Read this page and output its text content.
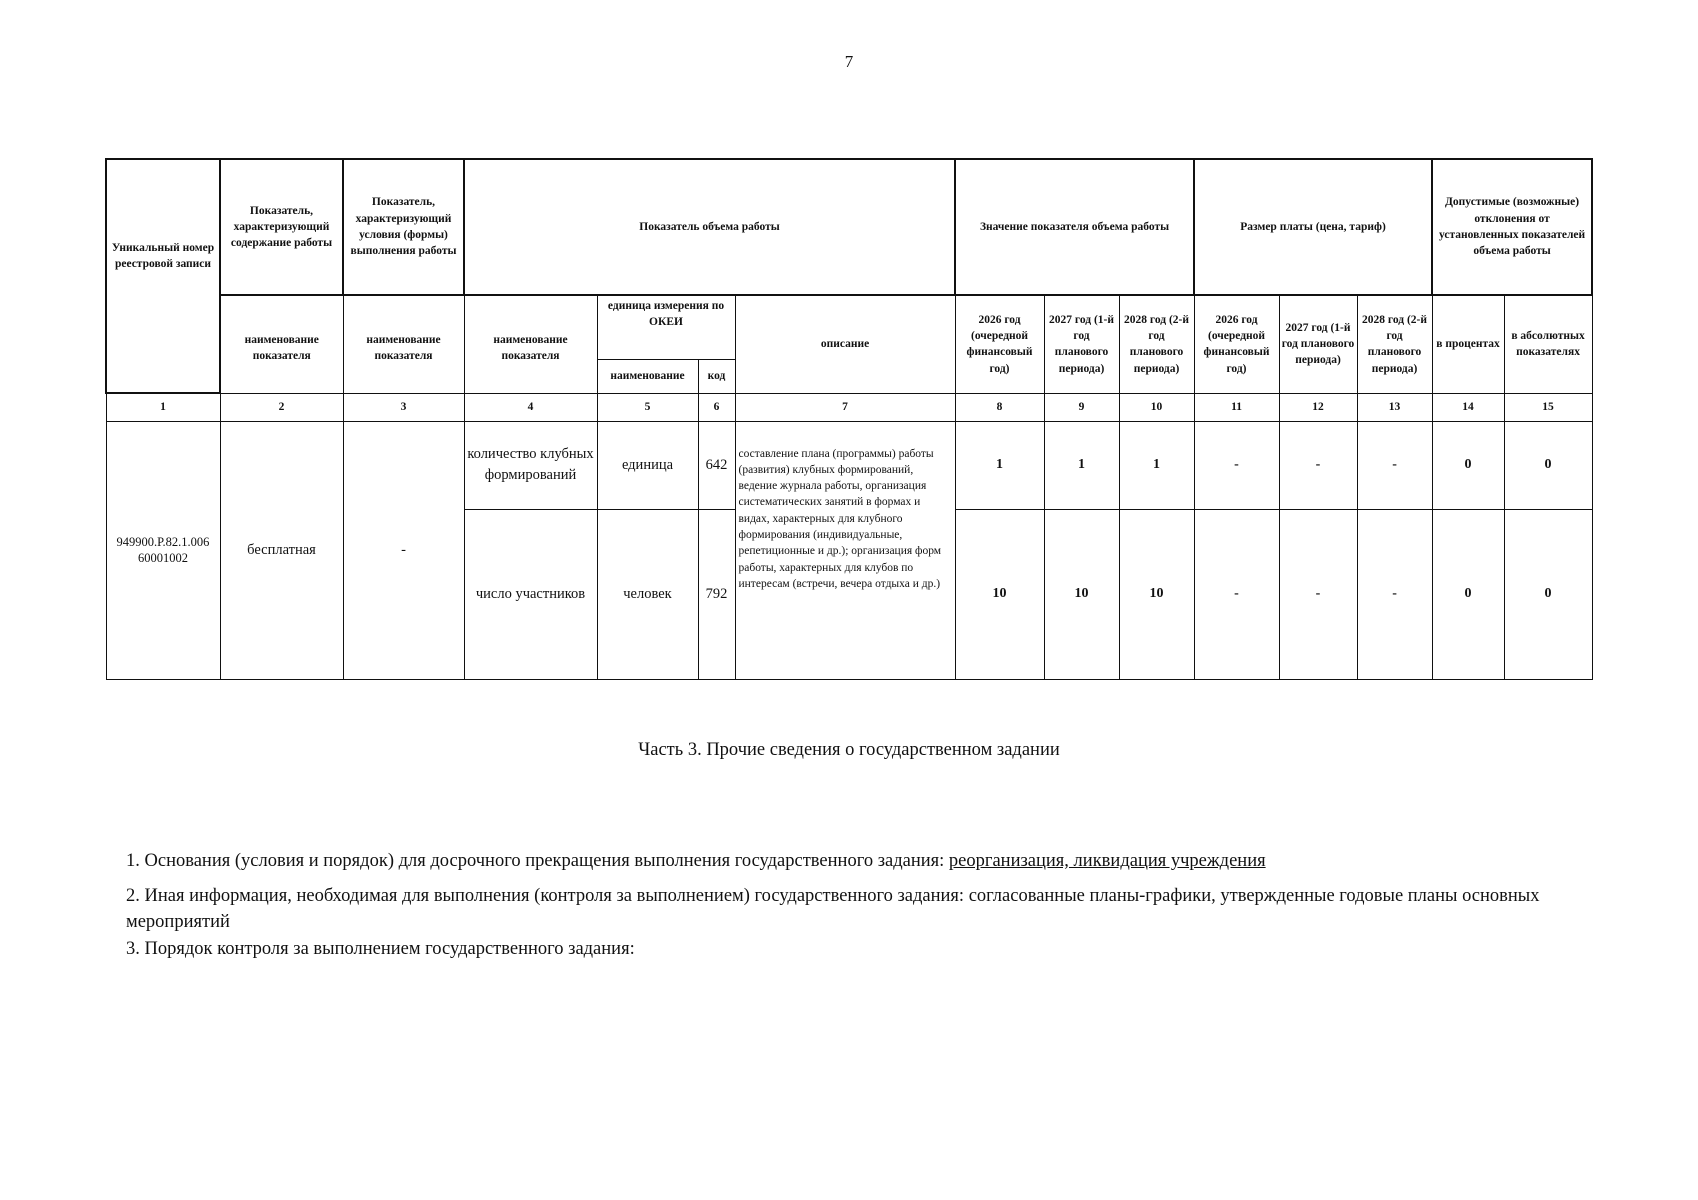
7
Уникальный номер реестровой записи	Показатель, характеризующий содержание работы	Показатель, характеризующий условия (формы) выполнения работы	Показатель объема работы				Значение показателя объема работы			Размер платы (цена, тариф)			Допустимые (возможные) отклонения от установленных показателей объема работы	
	наименование показателя	наименование показателя	наименование показателя	единица измерения по ОКЕИ		описание	2026 год (очередной финансовый год)	2027 год (1-й год планового периода)	2028 год (2-й год планового периода)	2026 год (очередной финансовый год)	2027 год (1-й год планового периода)	2028 год (2-й год планового периода)	в процентах	в абсолютных показателях
				наименование	код									
1	2	3	4	5	6	7	8	9	10	11	12	13	14	15
949900.Р.82.1.006 60001002	бесплатная	-	количество клубных формирований	единица	642	составление плана (программы) работы (развития) клубных формирований, ведение журнала работы, организация систематических занятий в формах и видах, характерных для клубного формирования (индивидуальные, репетиционные и др.); организация форм работы, характерных для клубов по интересам (встречи, вечера отдыха и др.)	1	1	1	-	-	-	0	0
			число участников	человек	792		10	10	10	-	-	-	0	0
Часть 3. Прочие сведения о государственном задании
1. Основания (условия и порядок) для досрочного прекращения выполнения государственного задания: реорганизация, ликвидация учреждения
2. Иная информация, необходимая для выполнения (контроля за выполнением) государственного задания: согласованные планы-графики, утвержденные годовые планы основных мероприятий
3. Порядок контроля за выполнением государственного задания:
